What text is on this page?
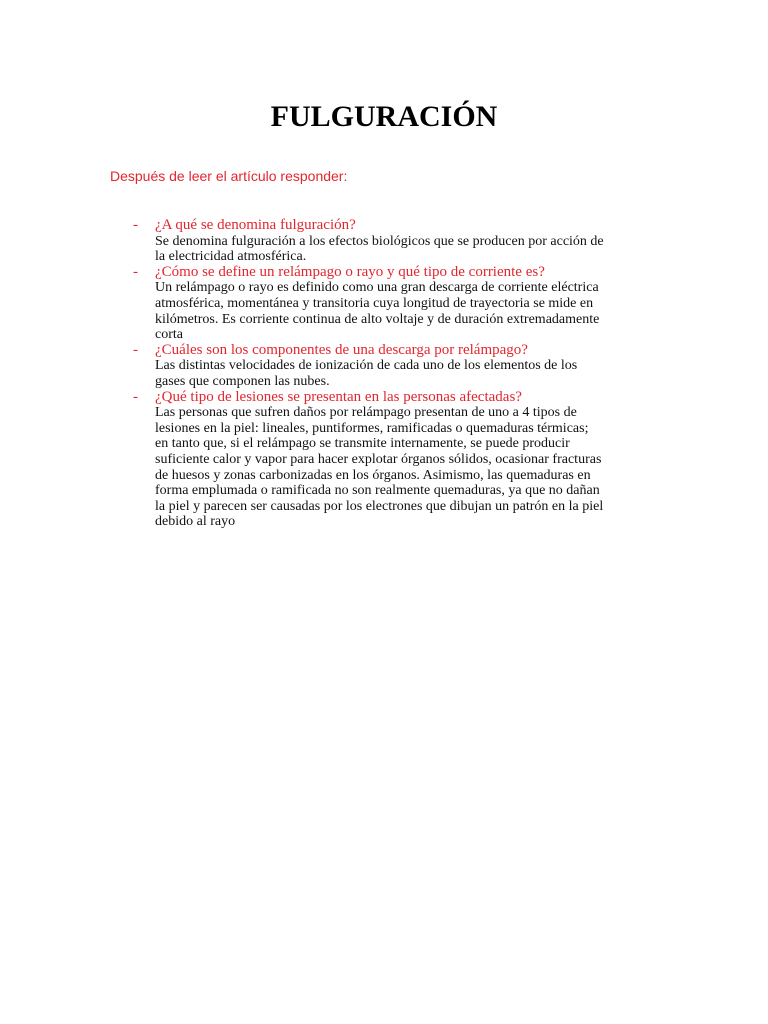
FULGURACIÓN
Después de leer el artículo responder:
- ¿A qué se denomina fulguración?
Se denomina fulguración a los efectos biológicos que se producen por acción de
la electricidad atmosférica.
- ¿Cómo se define un relámpago o rayo y qué tipo de corriente es?
Un relámpago o rayo es definido como una gran descarga de corriente eléctrica
atmosférica, momentánea y transitoria cuya longitud de trayectoria se mide en
kilómetros. Es corriente continua de alto voltaje y de duración extremadamente
corta
- ¿Cuáles son los componentes de una descarga por relámpago?
Las distintas velocidades de ionización de cada uno de los elementos de los
gases que componen las nubes.
- ¿Qué tipo de lesiones se presentan en las personas afectadas?
Las personas que sufren daños por relámpago presentan de uno a 4 tipos de
lesiones en la piel: lineales, puntiformes, ramificadas o quemaduras térmicas;
en tanto que, si el relámpago se transmite internamente, se puede producir
suficiente calor y vapor para hacer explotar órganos sólidos, ocasionar fracturas
de huesos y zonas carbonizadas en los órganos. Asimismo, las quemaduras en
forma emplumada o ramificada no son realmente quemaduras, ya que no dañan
la piel y parecen ser causadas por los electrones que dibujan un patrón en la piel
debido al rayo
